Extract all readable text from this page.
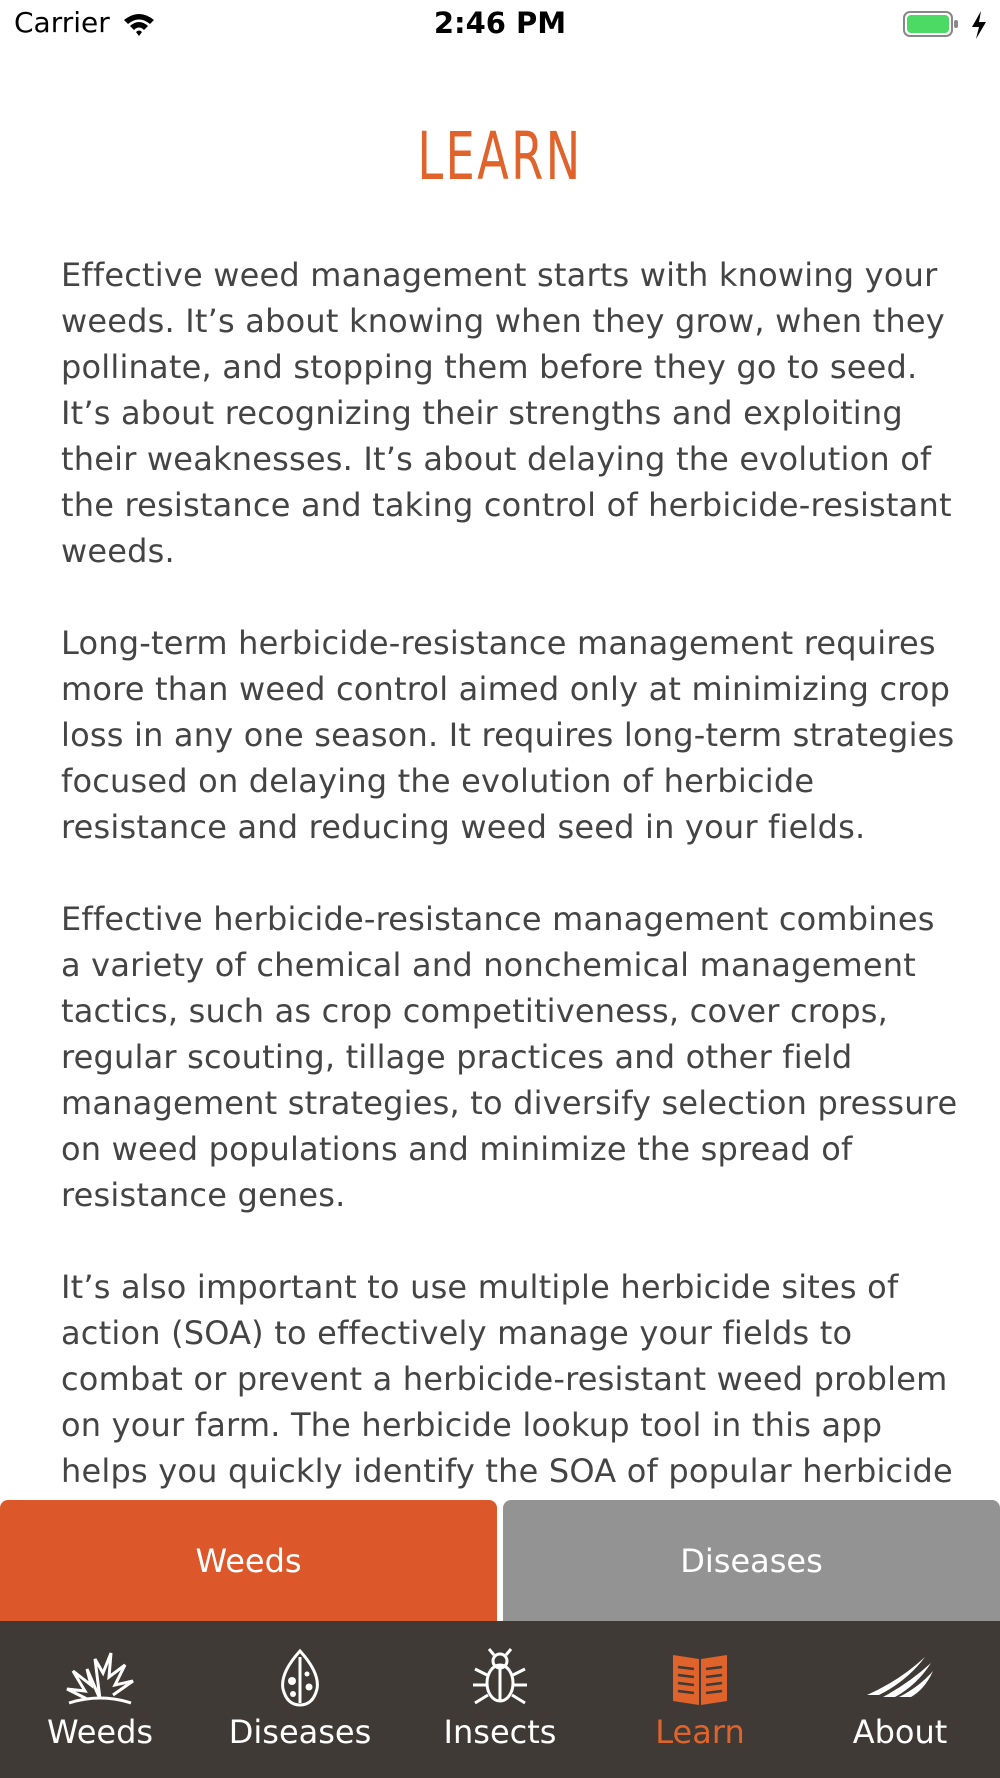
Carrier	2:46 PM
LEARN

Effective weed management starts with knowing your weeds. It’s about knowing when they grow, when they pollinate, and stopping them before they go to seed. It’s about recognizing their strengths and exploiting their weaknesses. It’s about delaying the evolution of the resistance and taking control of herbicide-resistant weeds.

Long-term herbicide-resistance management requires more than weed control aimed only at minimizing crop loss in any one season. It requires long-term strategies focused on delaying the evolution of herbicide resistance and reducing weed seed in your fields.

Effective herbicide-resistance management combines a variety of chemical and nonchemical management tactics, such as crop competitiveness, cover crops, regular scouting, tillage practices and other field management strategies, to diversify selection pressure on weed populations and minimize the spread of resistance genes.

It’s also important to use multiple herbicide sites of action (SOA) to effectively manage your fields to combat or prevent a herbicide-resistant weed problem on your farm. The herbicide lookup tool in this app helps you quickly identify the SOA of popular herbicide

Weeds	Diseases
Weeds	Diseases	Insects	Learn	About
